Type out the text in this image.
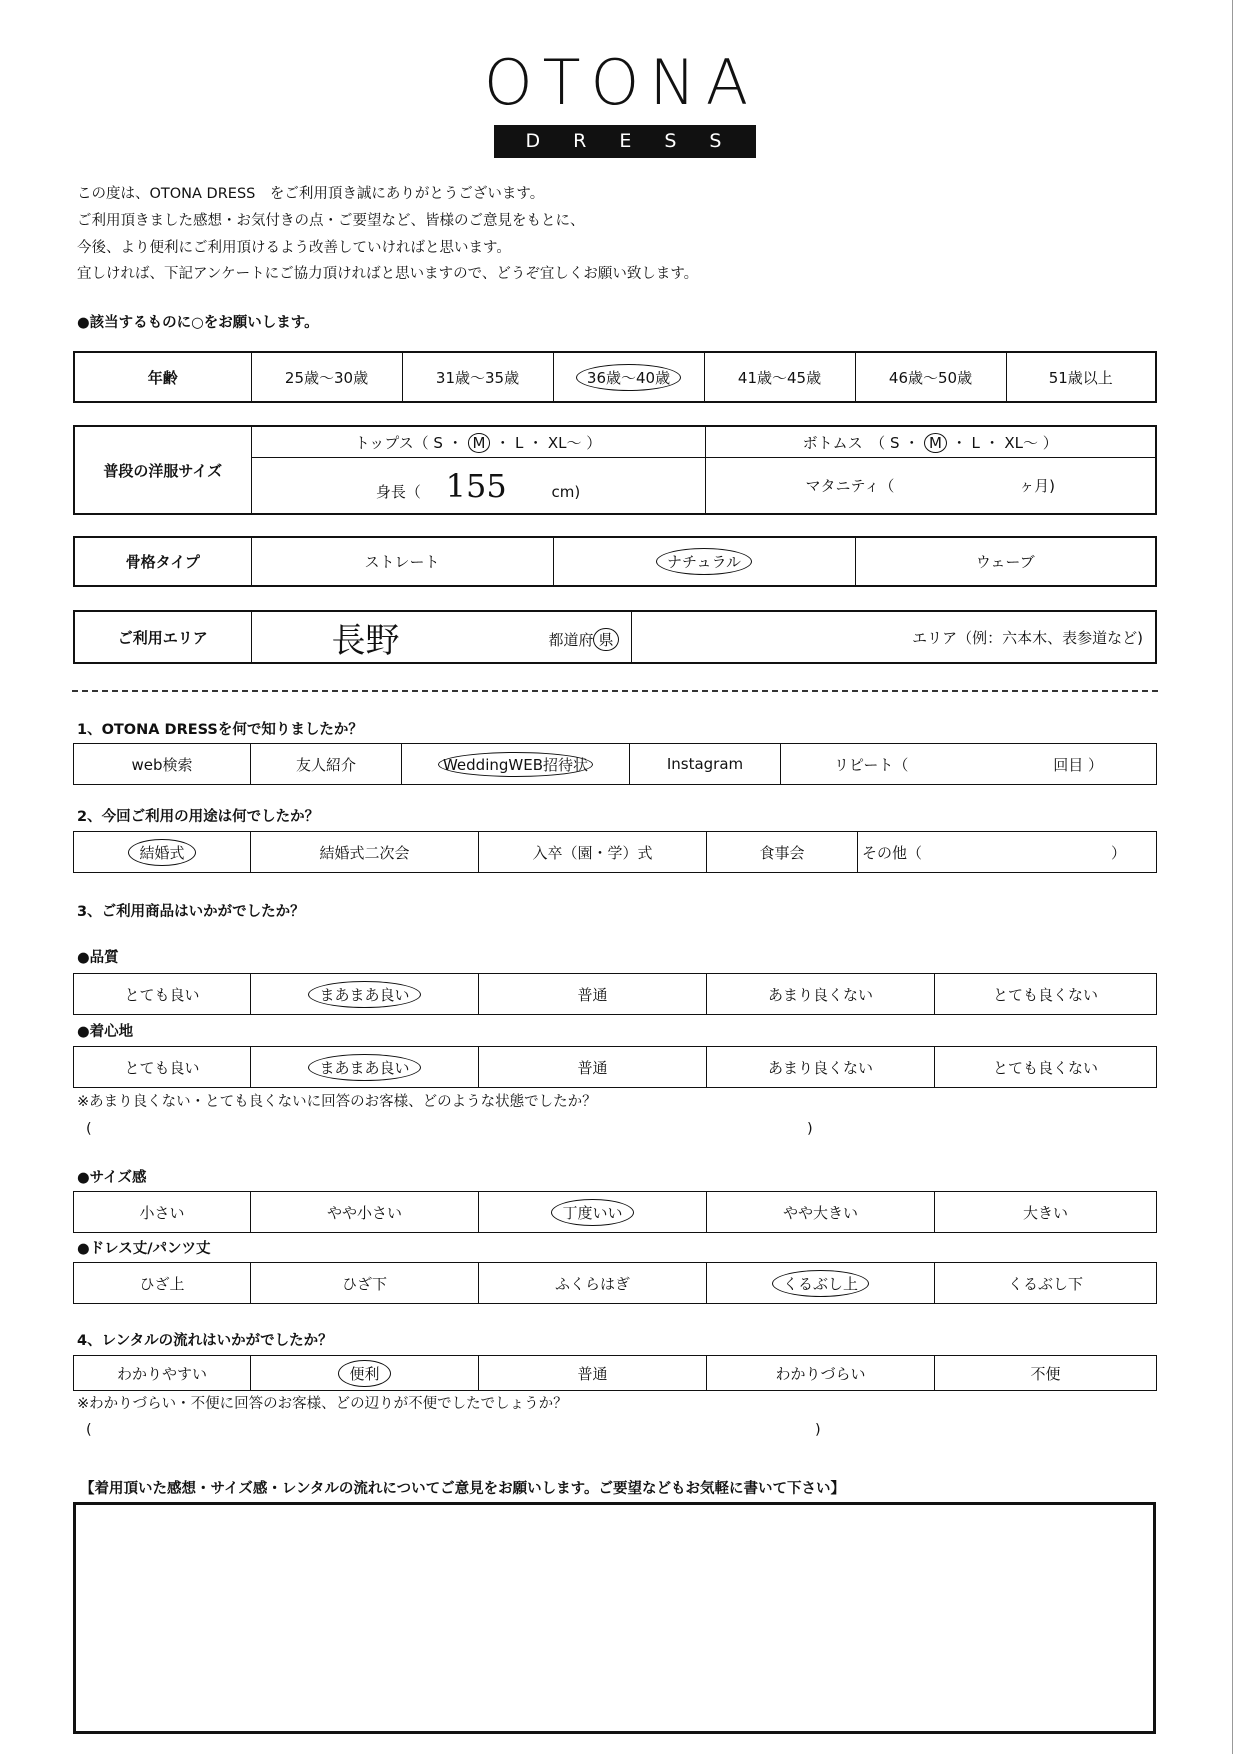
OTONA
DRESS
この度は、OTONA DRESS　をご利用頂き誠にありがとうございます。
ご利用頂きました感想・お気付きの点・ご要望など、皆様のご意見をもとに、
今後、より便利にご利用頂けるよう改善していければと思います。
宜しければ、下記アンケートにご協力頂ければと思いますので、どうぞ宜しくお願い致します。
●該当するものに○をお願いします。
年齢	25歳～30歳	31歳～35歳	36歳～40歳	41歳～45歳	46歳～50歳	51歳以上
普段の洋服サイズ	トップス（ S ・ M ・ L ・ XL～ ）	ボトムス　（ S ・ M ・ L ・ XL～ ）
	身長（ 155 cm)	マタニティ（ ヶ月)
骨格タイプ	ストレート	ナチュラル	ウェーブ
ご利用エリア	長野	都道府 県	エリア（例：六本木、表参道など)
1、OTONA DRESSを何で知りましたか？
web検索	友人紹介	WeddingWEB招待状	Instagram	リピート（	回目 ）
2、今回ご利用の用途は何でしたか？
結婚式	結婚式二次会	入卒（園・学）式	食事会	その他（	）
3、ご利用商品はいかがでしたか？
●品質
とても良い	まあまあ良い	普通	あまり良くない	とても良くない
●着心地
とても良い	まあまあ良い	普通	あまり良くない	とても良くない
※あまり良くない・とても良くないに回答のお客様、どのような状態でしたか？
(	)
●サイズ感
小さい	やや小さい	丁度いい	やや大きい	大きい
●ドレス丈/パンツ丈
ひざ上	ひざ下	ふくらはぎ	くるぶし上	くるぶし下
4、レンタルの流れはいかがでしたか？
わかりやすい	便利	普通	わかりづらい	不便
※わかりづらい・不便に回答のお客様、どの辺りが不便でしたでしょうか？
(	)
【着用頂いた感想・サイズ感・レンタルの流れについてご意見をお願いします。ご要望などもお気軽に書いて下さい】
